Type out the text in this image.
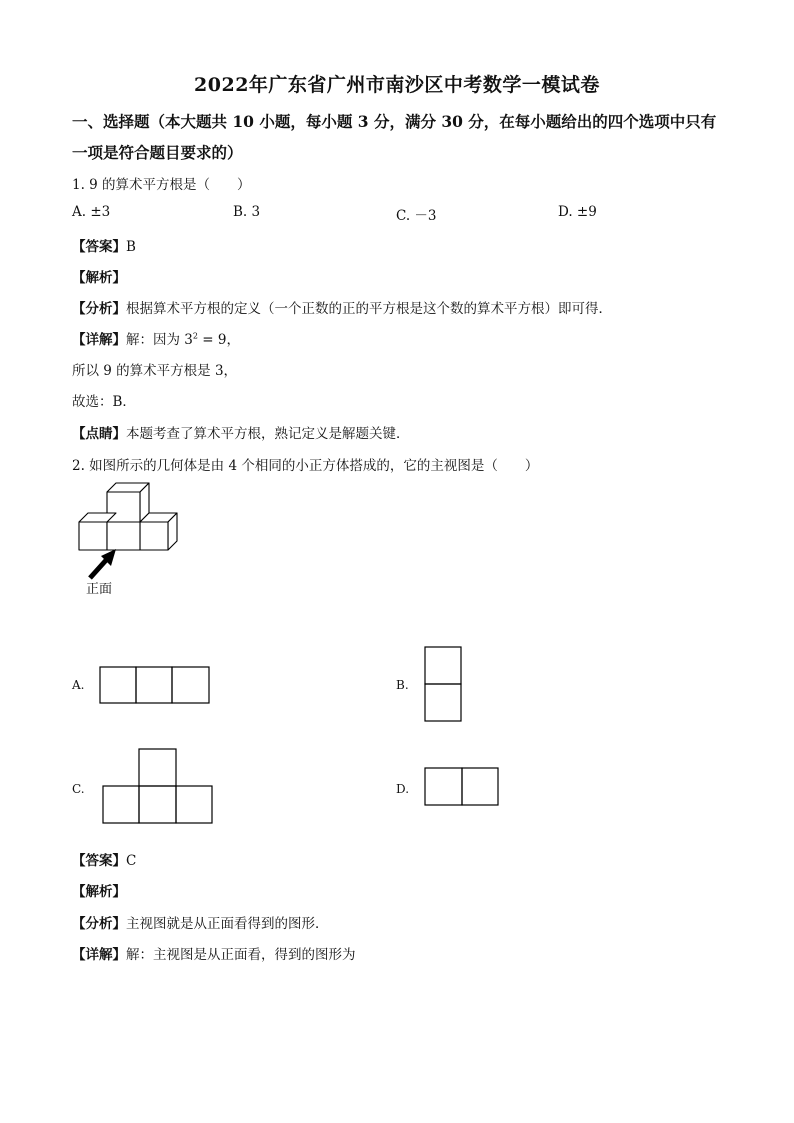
2022年广东省广州市南沙区中考数学一模试卷
一、选择题（本大题共 10 小题，每小题 3 分，满分 30 分，在每小题给出的四个选项中只有
一项是符合题目要求的）
1. 9 的算术平方根是（　　）
A. ±3	B. 3	C. －3	D. ±9
【答案】B
【解析】
【分析】根据算术平方根的定义（一个正数的正的平方根是这个数的算术平方根）即可得．
【详解】解：因为 $3^2 = 9$，
所以 9 的算术平方根是 3，
故选：B．
【点睛】本题考查了算术平方根，熟记定义是解题关键．
2. 如图所示的几何体是由 4 个相同的小正方体搭成的，它的主视图是（　　）
正面
A.	B.
C.	D.
【答案】C
【解析】
【分析】主视图就是从正面看得到的图形．
【详解】解：主视图是从正面看，得到的图形为
